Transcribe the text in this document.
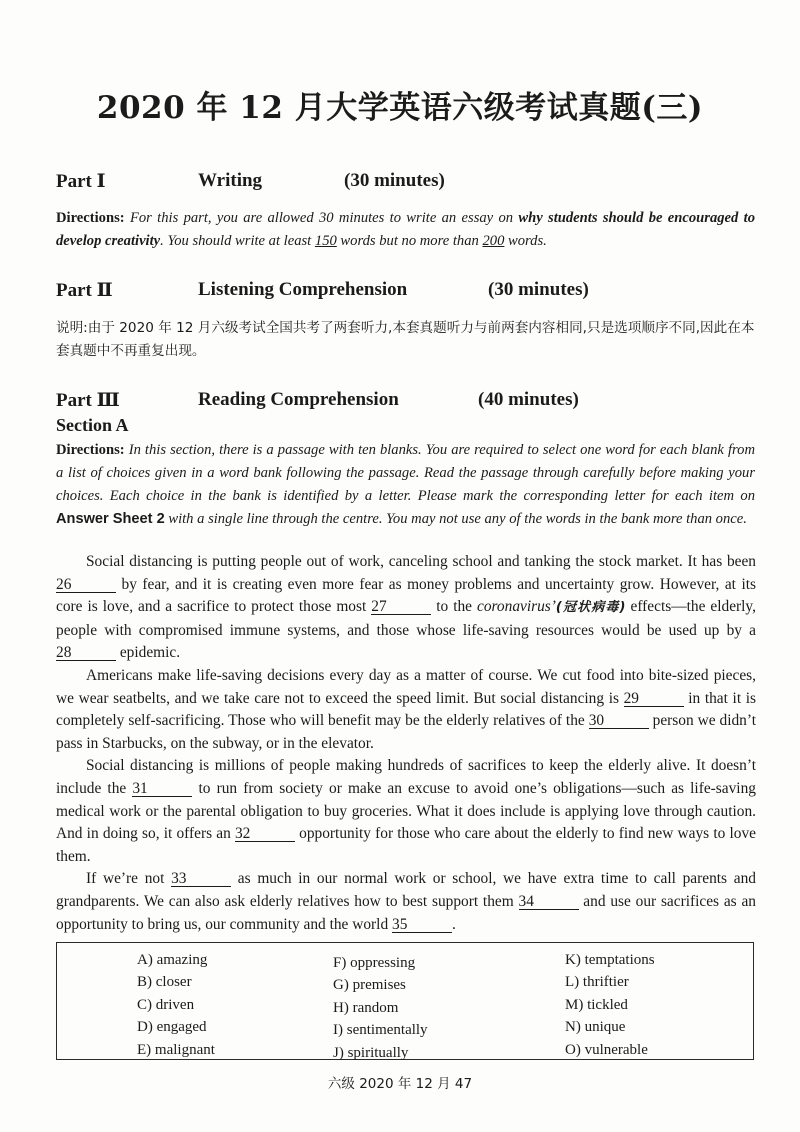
2020 年 12 月大学英语六级考试真题(三)
Part Ⅰ	Writing	(30 minutes)
Directions: For this part, you are allowed 30 minutes to write an essay on why students should be encouraged to develop creativity. You should write at least 150 words but no more than 200 words.
Part Ⅱ	Listening Comprehension	(30 minutes)
说明:由于 2020 年 12 月六级考试全国共考了两套听力,本套真题听力与前两套内容相同,只是选项顺序不同,因此在本套真题中不再重复出现。
Part Ⅲ	Reading Comprehension	(40 minutes)
Section A
Directions: In this section, there is a passage with ten blanks. You are required to select one word for each blank from a list of choices given in a word bank following the passage. Read the passage through carefully before making your choices. Each choice in the bank is identified by a letter. Please mark the corresponding letter for each item on Answer Sheet 2 with a single line through the centre. You may not use any of the words in the bank more than once.
Social distancing is putting people out of work, canceling school and tanking the stock market. It has been 26	by fear, and it is creating even more fear as money problems and uncertainty grow. However, at its core is love, and a sacrifice to protect those most 27	to the coronavirus’(冠状病毒) effects—the elderly, people with compromised immune systems, and those whose life-saving resources would be used up by a 28	epidemic.
Americans make life-saving decisions every day as a matter of course. We cut food into bite-sized pieces, we wear seatbelts, and we take care not to exceed the speed limit. But social distancing is 29	in that it is completely self-sacrificing. Those who will benefit may be the elderly relatives of the 30	person we didn’t pass in Starbucks, on the subway, or in the elevator.
Social distancing is millions of people making hundreds of sacrifices to keep the elderly alive. It doesn’t include the 31	to run from society or make an excuse to avoid one’s obligations—such as life-saving medical work or the parental obligation to buy groceries. What it does include is applying love through caution. And in doing so, it offers an 32	opportunity for those who care about the elderly to find new ways to love them.
If we’re not 33	as much in our normal work or school, we have extra time to call parents and grandparents. We can also ask elderly relatives how to best support them 34	and use our sacrifices as an opportunity to bring us, our community and the world 35	.
A) amazing
B) closer
C) driven
D) engaged
E) malignant
F) oppressing
G) premises
H) random
I) sentimentally
J) spiritually
K) temptations
L) thriftier
M) tickled
N) unique
O) vulnerable
六级 2020 年 12 月 47
